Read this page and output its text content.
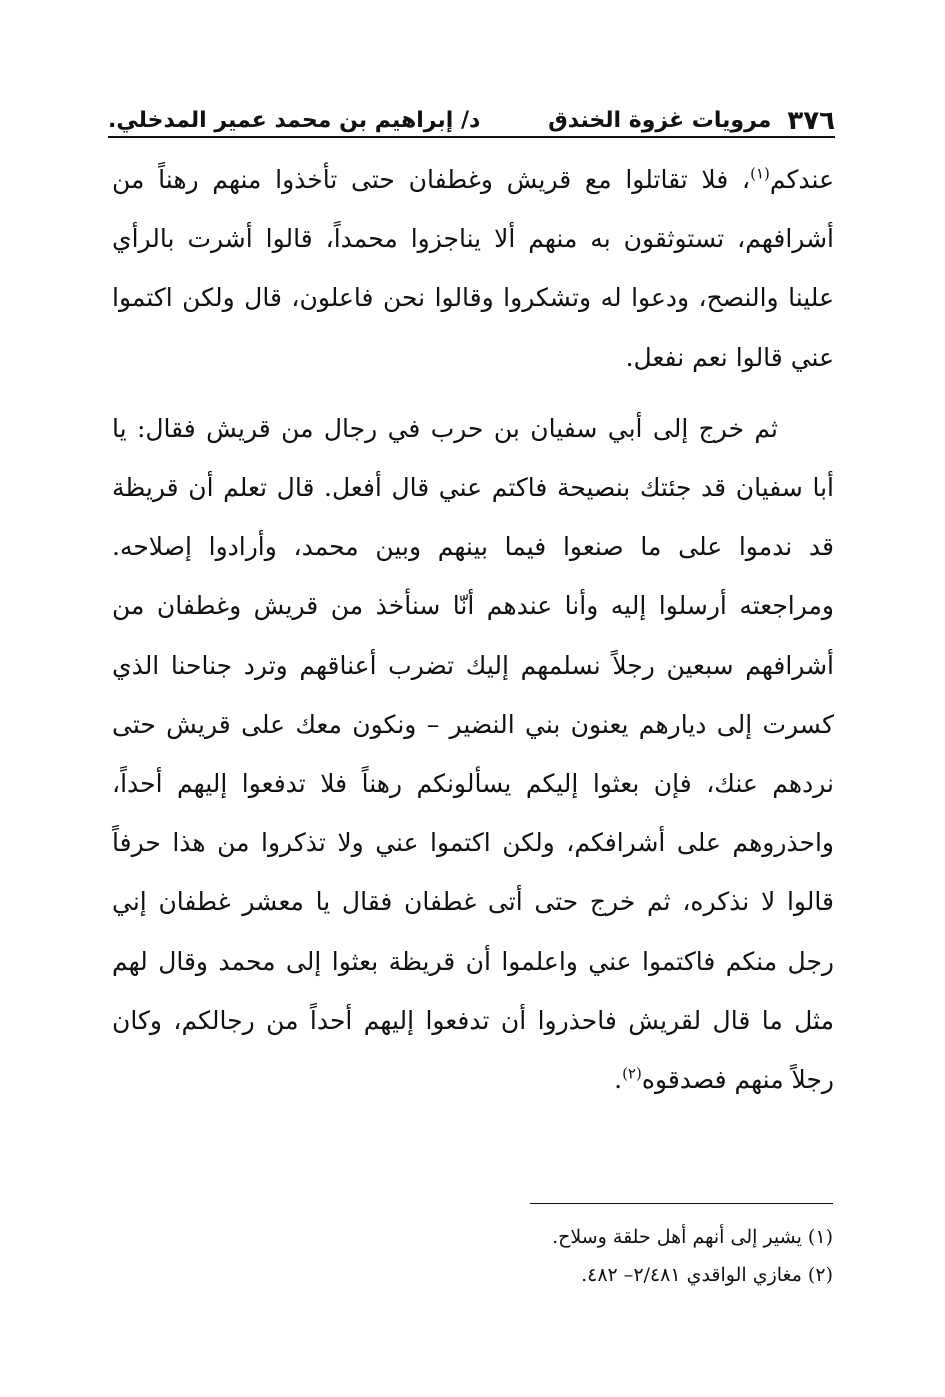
٣٧٦
مرويات غزوة الخندق
د/ إبراهيم بن محمد عمير المدخلي.

عندكم$^{(١)}$، فلا تقاتلوا مع قريش وغطفان حتى تأخذوا منهم رهناً من أشرافهم، تستوثقون به منهم ألا يناجزوا محمداً، قالوا أشرت بالرأي علينا والنصح، ودعوا له وتشكروا وقالوا نحن فاعلون، قال ولكن اكتموا عني قالوا نعم نفعل.

ثم خرج إلى أبي سفيان بن حرب في رجال من قريش فقال: يا أبا سفيان قد جئتك بنصيحة فاكتم عني قال أفعل. قال تعلم أن قريظة قد ندموا على ما صنعوا فيما بينهم وبين محمد، وأرادوا إصلاحه. ومراجعته أرسلوا إليه وأنا عندهم أنّا سنأخذ من قريش وغطفان من أشرافهم سبعين رجلاً نسلمهم إليك تضرب أعناقهم وترد جناحنا الذي كسرت إلى ديارهم يعنون بني النضير – ونكون معك على قريش حتى نردهم عنك، فإن بعثوا إليكم يسألونكم رهناً فلا تدفعوا إليهم أحداً، واحذروهم على أشرافكم، ولكن اكتموا عني ولا تذكروا من هذا حرفاً قالوا لا نذكره، ثم خرج حتى أتى غطفان فقال يا معشر غطفان إني رجل منكم فاكتموا عني واعلموا أن قريظة بعثوا إلى محمد وقال لهم مثل ما قال لقريش فاحذروا أن تدفعوا إليهم أحداً من رجالكم، وكان رجلاً منهم فصدقوه$^{(٢)}$.

(١) يشير إلى أنهم أهل حلقة وسلاح.

(٢) مغازي الواقدي ٢/٤٨١– ٤٨٢.
